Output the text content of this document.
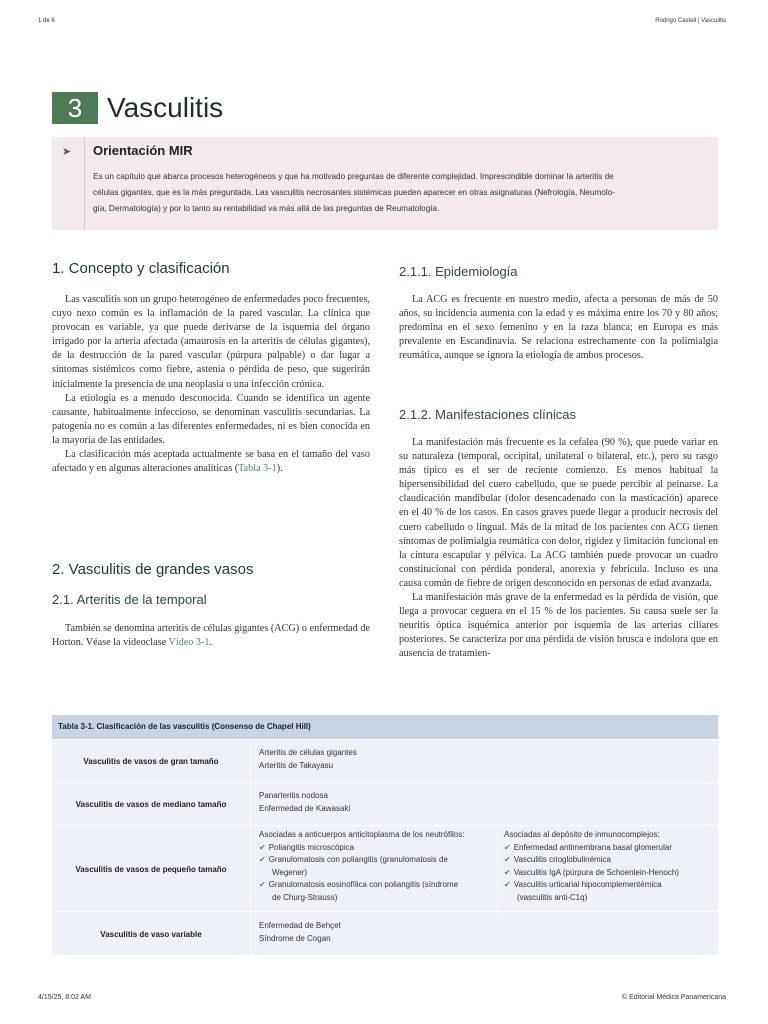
1 de 6	Rodrigo Castell | Vasculitis
3 Vasculitis
➤ Orientación MIR
Es un capítulo que abarca procesos heterogéneos y que ha motivado preguntas de diferente complejidad. Imprescindible dominar la arteritis de
células gigantes, que es la más preguntada. Las vasculitis necrosantes sistémicas pueden aparecer en otras asignaturas (Nefrología, Neumolo-
gía, Dermatología) y por lo tanto su rentabilidad va más allá de las preguntas de Reumatología.
1. Concepto y clasificación

Las vasculitis son un grupo heterogéneo de enfermedades poco frecuentes, cuyo nexo común es la inflamación de la pared vascular. La clínica que provocan es variable, ya que puede derivarse de la isquemia del órgano irrigado por la arteria afectada (amaurosis en la arteritis de células gigantes), de la destrucción de la pared vascular (púrpura palpable) o dar lugar a síntomas sistémicos como fiebre, astenia o pérdida de peso, que sugerirán inicialmente la presencia de una neoplasia o una infección crónica.

La etiología es a menudo desconocida. Cuando se identifica un agente causante, habitualmente infeccioso, se denominan vasculitis secundarias. La patogenia no es común a las diferentes enfermedades, ni es bien conocida en la mayoría de las entidades.

La clasificación más aceptada actualmente se basa en el tamaño del vaso afectado y en algunas alteraciones analíticas (Tabla 3-1).

2. Vasculitis de grandes vasos
2.1. Arteritis de la temporal

También se denomina arteritis de células gigantes (ACG) o enfermedad de Horton. Véase la videoclase Vídeo 3-1.

2.1.1. Epidemiología

La ACG es frecuente en nuestro medio, afecta a personas de más de 50 años, su incidencia aumenta con la edad y es máxima entre los 70 y 80 años; predomina en el sexo femenino y en la raza blanca; en Europa es más prevalente en Escandinavia. Se relaciona estrechamente con la polimialgia reumática, aunque se ignora la etiología de ambos procesos.

2.1.2. Manifestaciones clínicas

La manifestación más frecuente es la cefalea (90 %), que puede variar en su naturaleza (temporal, occipital, unilateral o bilateral, etc.), pero su rasgo más típico es el ser de reciente comienzo. Es menos habitual la hipersensibilidad del cuero cabelludo, que se puede percibir al peinarse. La claudicación mandibular (dolor desencadenado con la masticación) aparece en el 40 % de los casos. En casos graves puede llegar a producir necrosis del cuero cabelludo o lingual. Más de la mitad de los pacientes con ACG tienen síntomas de polimialgia reumática con dolor, rigidez y limitación funcional en la cintura escapular y pélvica. La ACG también puede provocar un cuadro constitucional con pérdida ponderal, anorexia y febrícula. Incluso es una causa común de fiebre de origen desconocido en personas de edad avanzada.

La manifestación más grave de la enfermedad es la pérdida de visión, que llega a provocar ceguera en el 15 % de los pacientes. Su causa suele ser la neuritis óptica isquémica anterior por isquemia de las arterias ciliares posteriores. Se caracteriza por una pérdida de visión brusca e indolora que en ausencia de tratamien-

Tabla 3-1. Clasificación de las vasculitis (Consenso de Chapel Hill)
Vasculitis de vasos de gran tamaño
Arteritis de células gigantes
Arteritis de Takayasu
Vasculitis de vasos de mediano tamaño
Panarteritis nodosa
Enfermedad de Kawasaki
Vasculitis de vasos de pequeño tamaño
Asociadas a anticuerpos anticitoplasma de los neutrófilos:
✔ Poliangitis microscópica
✔ Granulomatosis con poliangitis (granulomatosis de
Wegener)
✔ Granulomatosis eosinofílica con poliangitis (síndrome
de Churg-Strauss)
Asociadas al depósito de inmunocomplejos:
✔ Enfermedad antimembrana basal glomerular
✔ Vasculitis crioglobulinémica
✔ Vasculitis IgA (púrpura de Schoenlein-Henoch)
✔ Vasculitis urticarial hipocomplementémica
(vasculitis anti-C1q)
Vasculitis de vaso variable
Enfermedad de Behçet
Síndrome de Cogan
4/15/25, 8:02 AM	© Editorial Médica Panamericana
